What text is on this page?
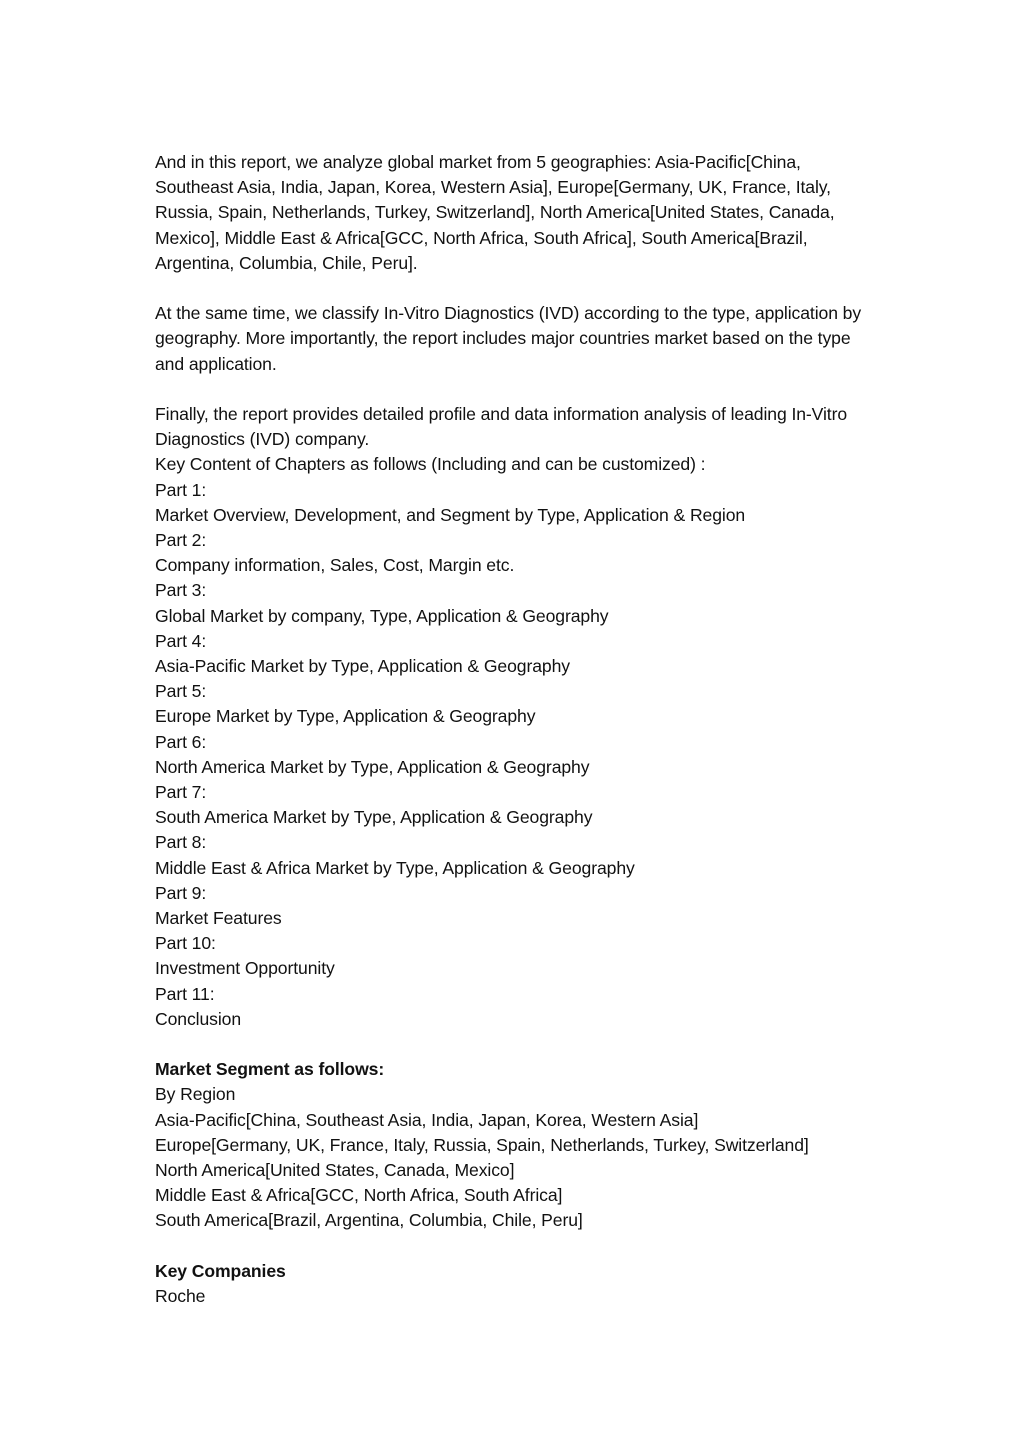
And in this report, we analyze global market from 5 geographies: Asia-Pacific[China, Southeast Asia, India, Japan, Korea, Western Asia], Europe[Germany, UK, France, Italy, Russia, Spain, Netherlands, Turkey, Switzerland], North America[United States, Canada, Mexico], Middle East & Africa[GCC, North Africa, South Africa], South America[Brazil, Argentina, Columbia, Chile, Peru].

At the same time, we classify In-Vitro Diagnostics (IVD) according to the type, application by geography. More importantly, the report includes major countries market based on the type and application.

Finally, the report provides detailed profile and data information analysis of leading In-Vitro Diagnostics (IVD) company.

Key Content of Chapters as follows (Including and can be customized) :
Part 1:
Market Overview, Development, and Segment by Type, Application & Region
Part 2:
Company information, Sales, Cost, Margin etc.
Part 3:
Global Market by company, Type, Application & Geography
Part 4:
Asia-Pacific Market by Type, Application & Geography
Part 5:
Europe Market by Type, Application & Geography
Part 6:
North America Market by Type, Application & Geography
Part 7:
South America Market by Type, Application & Geography
Part 8:
Middle East & Africa Market by Type, Application & Geography
Part 9:
Market Features
Part 10:
Investment Opportunity
Part 11:
Conclusion
Market Segment as follows:
By Region
Asia-Pacific[China, Southeast Asia, India, Japan, Korea, Western Asia]
Europe[Germany, UK, France, Italy, Russia, Spain, Netherlands, Turkey, Switzerland]
North America[United States, Canada, Mexico]
Middle East & Africa[GCC, North Africa, South Africa]
South America[Brazil, Argentina, Columbia, Chile, Peru]
Key Companies
Roche
